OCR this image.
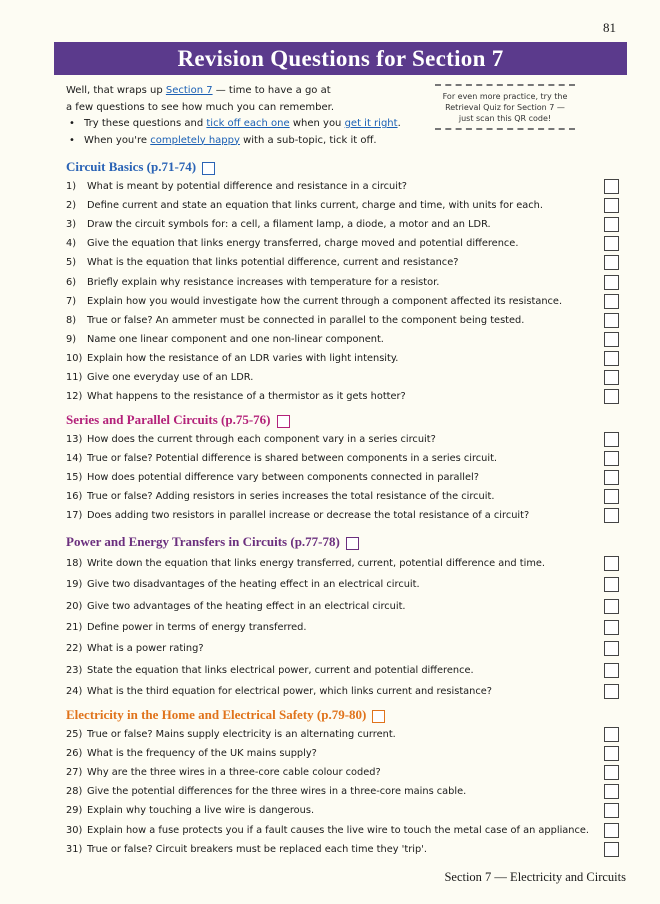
81
Revision Questions for Section 7
Well, that wraps up Section 7 — time to have a go at
a few questions to see how much you can remember.
• Try these questions and tick off each one when you get it right.
• When you're completely happy with a sub-topic, tick it off.
For even more practice, try the
Retrieval Quiz for Section 7 —
just scan this QR code!
Circuit Basics (p.71-74)
1) What is meant by potential difference and resistance in a circuit?
2) Define current and state an equation that links current, charge and time, with units for each.
3) Draw the circuit symbols for: a cell, a filament lamp, a diode, a motor and an LDR.
4) Give the equation that links energy transferred, charge moved and potential difference.
5) What is the equation that links potential difference, current and resistance?
6) Briefly explain why resistance increases with temperature for a resistor.
7) Explain how you would investigate how the current through a component affected its resistance.
8) True or false? An ammeter must be connected in parallel to the component being tested.
9) Name one linear component and one non-linear component.
10) Explain how the resistance of an LDR varies with light intensity.
11) Give one everyday use of an LDR.
12) What happens to the resistance of a thermistor as it gets hotter?
Series and Parallel Circuits (p.75-76)
13) How does the current through each component vary in a series circuit?
14) True or false? Potential difference is shared between components in a series circuit.
15) How does potential difference vary between components connected in parallel?
16) True or false? Adding resistors in series increases the total resistance of the circuit.
17) Does adding two resistors in parallel increase or decrease the total resistance of a circuit?
Power and Energy Transfers in Circuits (p.77-78)
18) Write down the equation that links energy transferred, current, potential difference and time.
19) Give two disadvantages of the heating effect in an electrical circuit.
20) Give two advantages of the heating effect in an electrical circuit.
21) Define power in terms of energy transferred.
22) What is a power rating?
23) State the equation that links electrical power, current and potential difference.
24) What is the third equation for electrical power, which links current and resistance?
Electricity in the Home and Electrical Safety (p.79-80)
25) True or false? Mains supply electricity is an alternating current.
26) What is the frequency of the UK mains supply?
27) Why are the three wires in a three-core cable colour coded?
28) Give the potential differences for the three wires in a three-core mains cable.
29) Explain why touching a live wire is dangerous.
30) Explain how a fuse protects you if a fault causes the live wire to touch the metal case of an appliance.
31) True or false? Circuit breakers must be replaced each time they 'trip'.
Section 7 — Electricity and Circuits
